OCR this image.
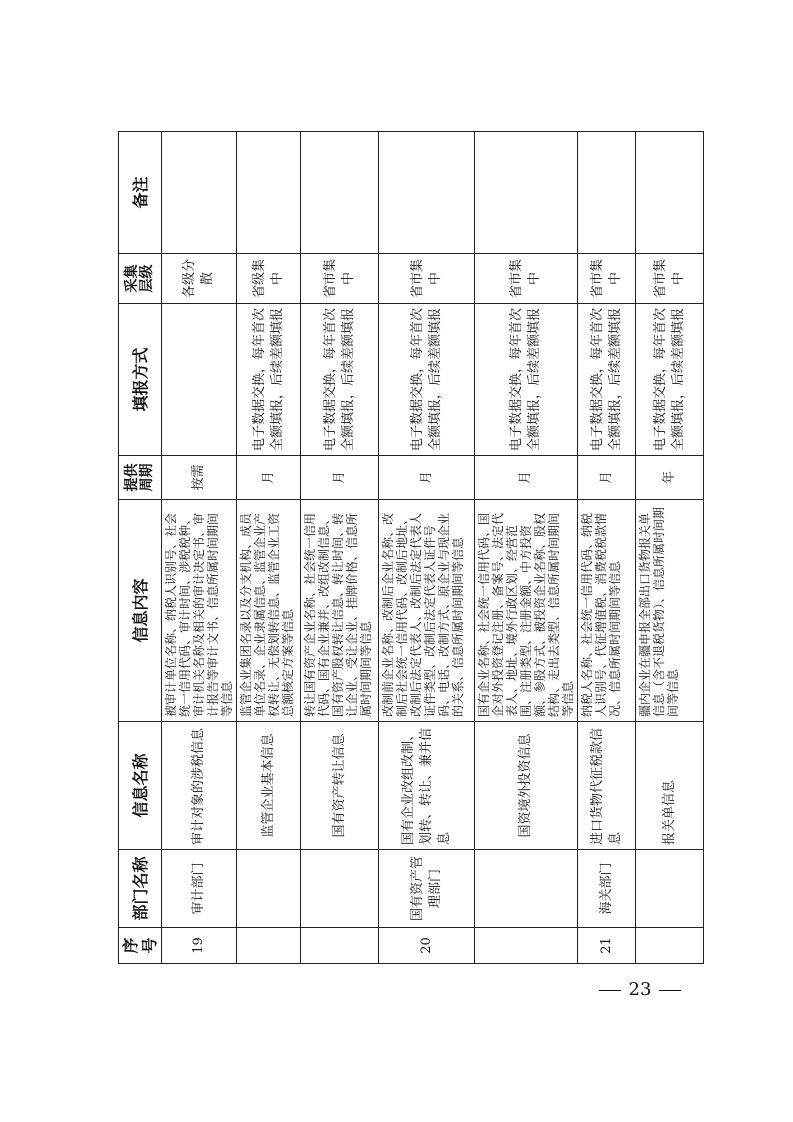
序号	部门名称	信息名称	信息内容	提供周期	填报方式	采集层级	备注
19	审计部门	审计对象的涉税信息	被审计单位名称、纳税人识别号、社会统一信用代码、审计时间、涉税税种、审计机关名称及相关的审计决定书、审计报告等审计文书、信息所属时间期间等信息	按需		各级分散	
		监管企业基本信息	监管企业集团名录以及分支机构、成员单位名录、企业隶属信息、监管企业产权转让、无偿划转信息、监管企业工资总额核定方案等信息	月	电子数据交换，每年首次全额填报，后续差额填报	省级集中	
		国有资产转让信息	转让国有资产企业名称、社会统一信用代码、国有企业兼并、改组改制信息、国有资产股权转让信息、转让时间、转让企业、受让企业、挂牌价格、信息所属时间期间等信息	月	电子数据交换，每年首次全额填报，后续差额填报	省市集中	
20	国有资产管理部门	国有企业改组改制、划转、转让、兼并信息	改制前企业名称、改制后企业名称、改制后社会统一信用代码、改制后地址、改制后法定代表人、改制后法定代表人证件类型、改制后法定代表人证件号码、电话、改制方式、原企业与现企业的关系、信息所属时间期间等信息	月	电子数据交换，每年首次全额填报，后续差额填报	省市集中	
		国资境外投资信息	国有企业名称、社会统一信用代码、国企对外投资登记注册、备案号、法定代表人、地址、境外行政区划、经营范围、注册类型、注册金额、中方投资额、参股方式、被投资企业名称、股权结构、走出去类型、信息所属时间期间等信息	月	电子数据交换，每年首次全额填报，后续差额填报	省市集中	
21	海关部门	进口货物代征税款信息	纳税人名称、社会统一信用代码、纳税人识别号、代征增值税、消费税税款情况、信息所属时间期间等信息	月	电子数据交换，每年首次全额填报，后续差额填报	省市集中	
		报关单信息	疆内企业在疆申报全部出口货物报关单信息（含不退税货物）、信息所属时间期间等信息	年	电子数据交换，每年首次全额填报，后续差额填报	省市集中	
23
